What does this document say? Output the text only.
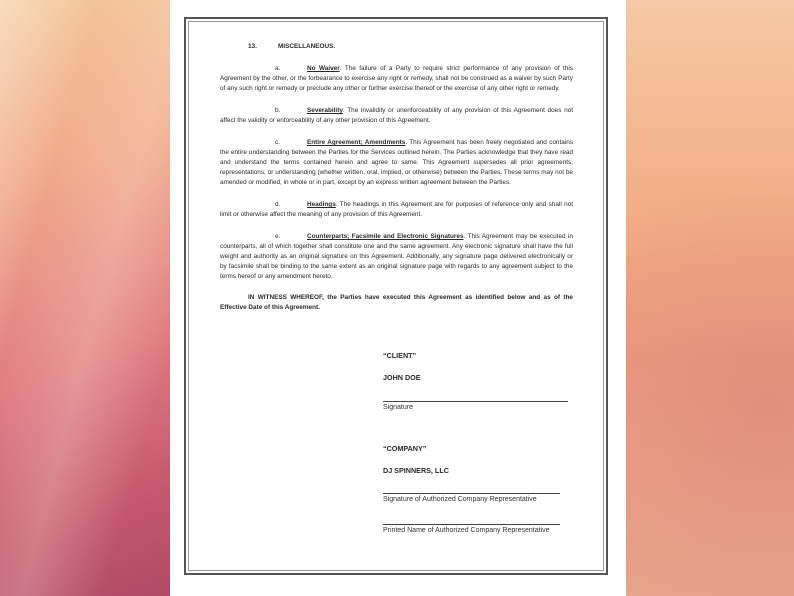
13.	MISCELLANEOUS.
a.	No Waiver. The failure of a Party to require strict performance of any provision of this Agreement by the other, or the forbearance to exercise any right or remedy, shall not be construed as a waiver by such Party of any such right or remedy or preclude any other or further exercise thereof or the exercise of any other right or remedy.
b.	Severability. The invalidity or unenforceability of any provision of this Agreement does not affect the validity or enforceability of any other provision of this Agreement.
c.	Entire Agreement; Amendments. This Agreement has been freely negotiated and contains the entire understanding between the Parties for the Services outlined herein. The Parties acknowledge that they have read and understand the terms contained herein and agree to same. This Agreement supersedes all prior agreements, representations, or understanding (whether written, oral, implied, or otherwise) between the Parties. These terms may not be amended or modified, in whole or in part, except by an express written agreement between the Parties.
d.	Headings. The headings in this Agreement are for purposes of reference only and shall not limit or otherwise affect the meaning of any provision of this Agreement.
e.	Counterparts; Facsimile and Electronic Signatures. This Agreement may be executed in counterparts, all of which together shall constitute one and the same agreement. Any electronic signature shall have the full weight and authority as an original signature on this Agreement. Additionally, any signature page delivered electronically or by facsimile shall be binding to the same extent as an original signature page with regards to any agreement subject to the terms hereof or any amendment hereto.
IN WITNESS WHEREOF, the Parties have executed this Agreement as identified below and as of the Effective Date of this Agreement.
“CLIENT”
JOHN DOE
Signature
“COMPANY”
DJ SPINNERS, LLC
Signature of Authorized Company Representative
Printed Name of Authorized Company Representative
